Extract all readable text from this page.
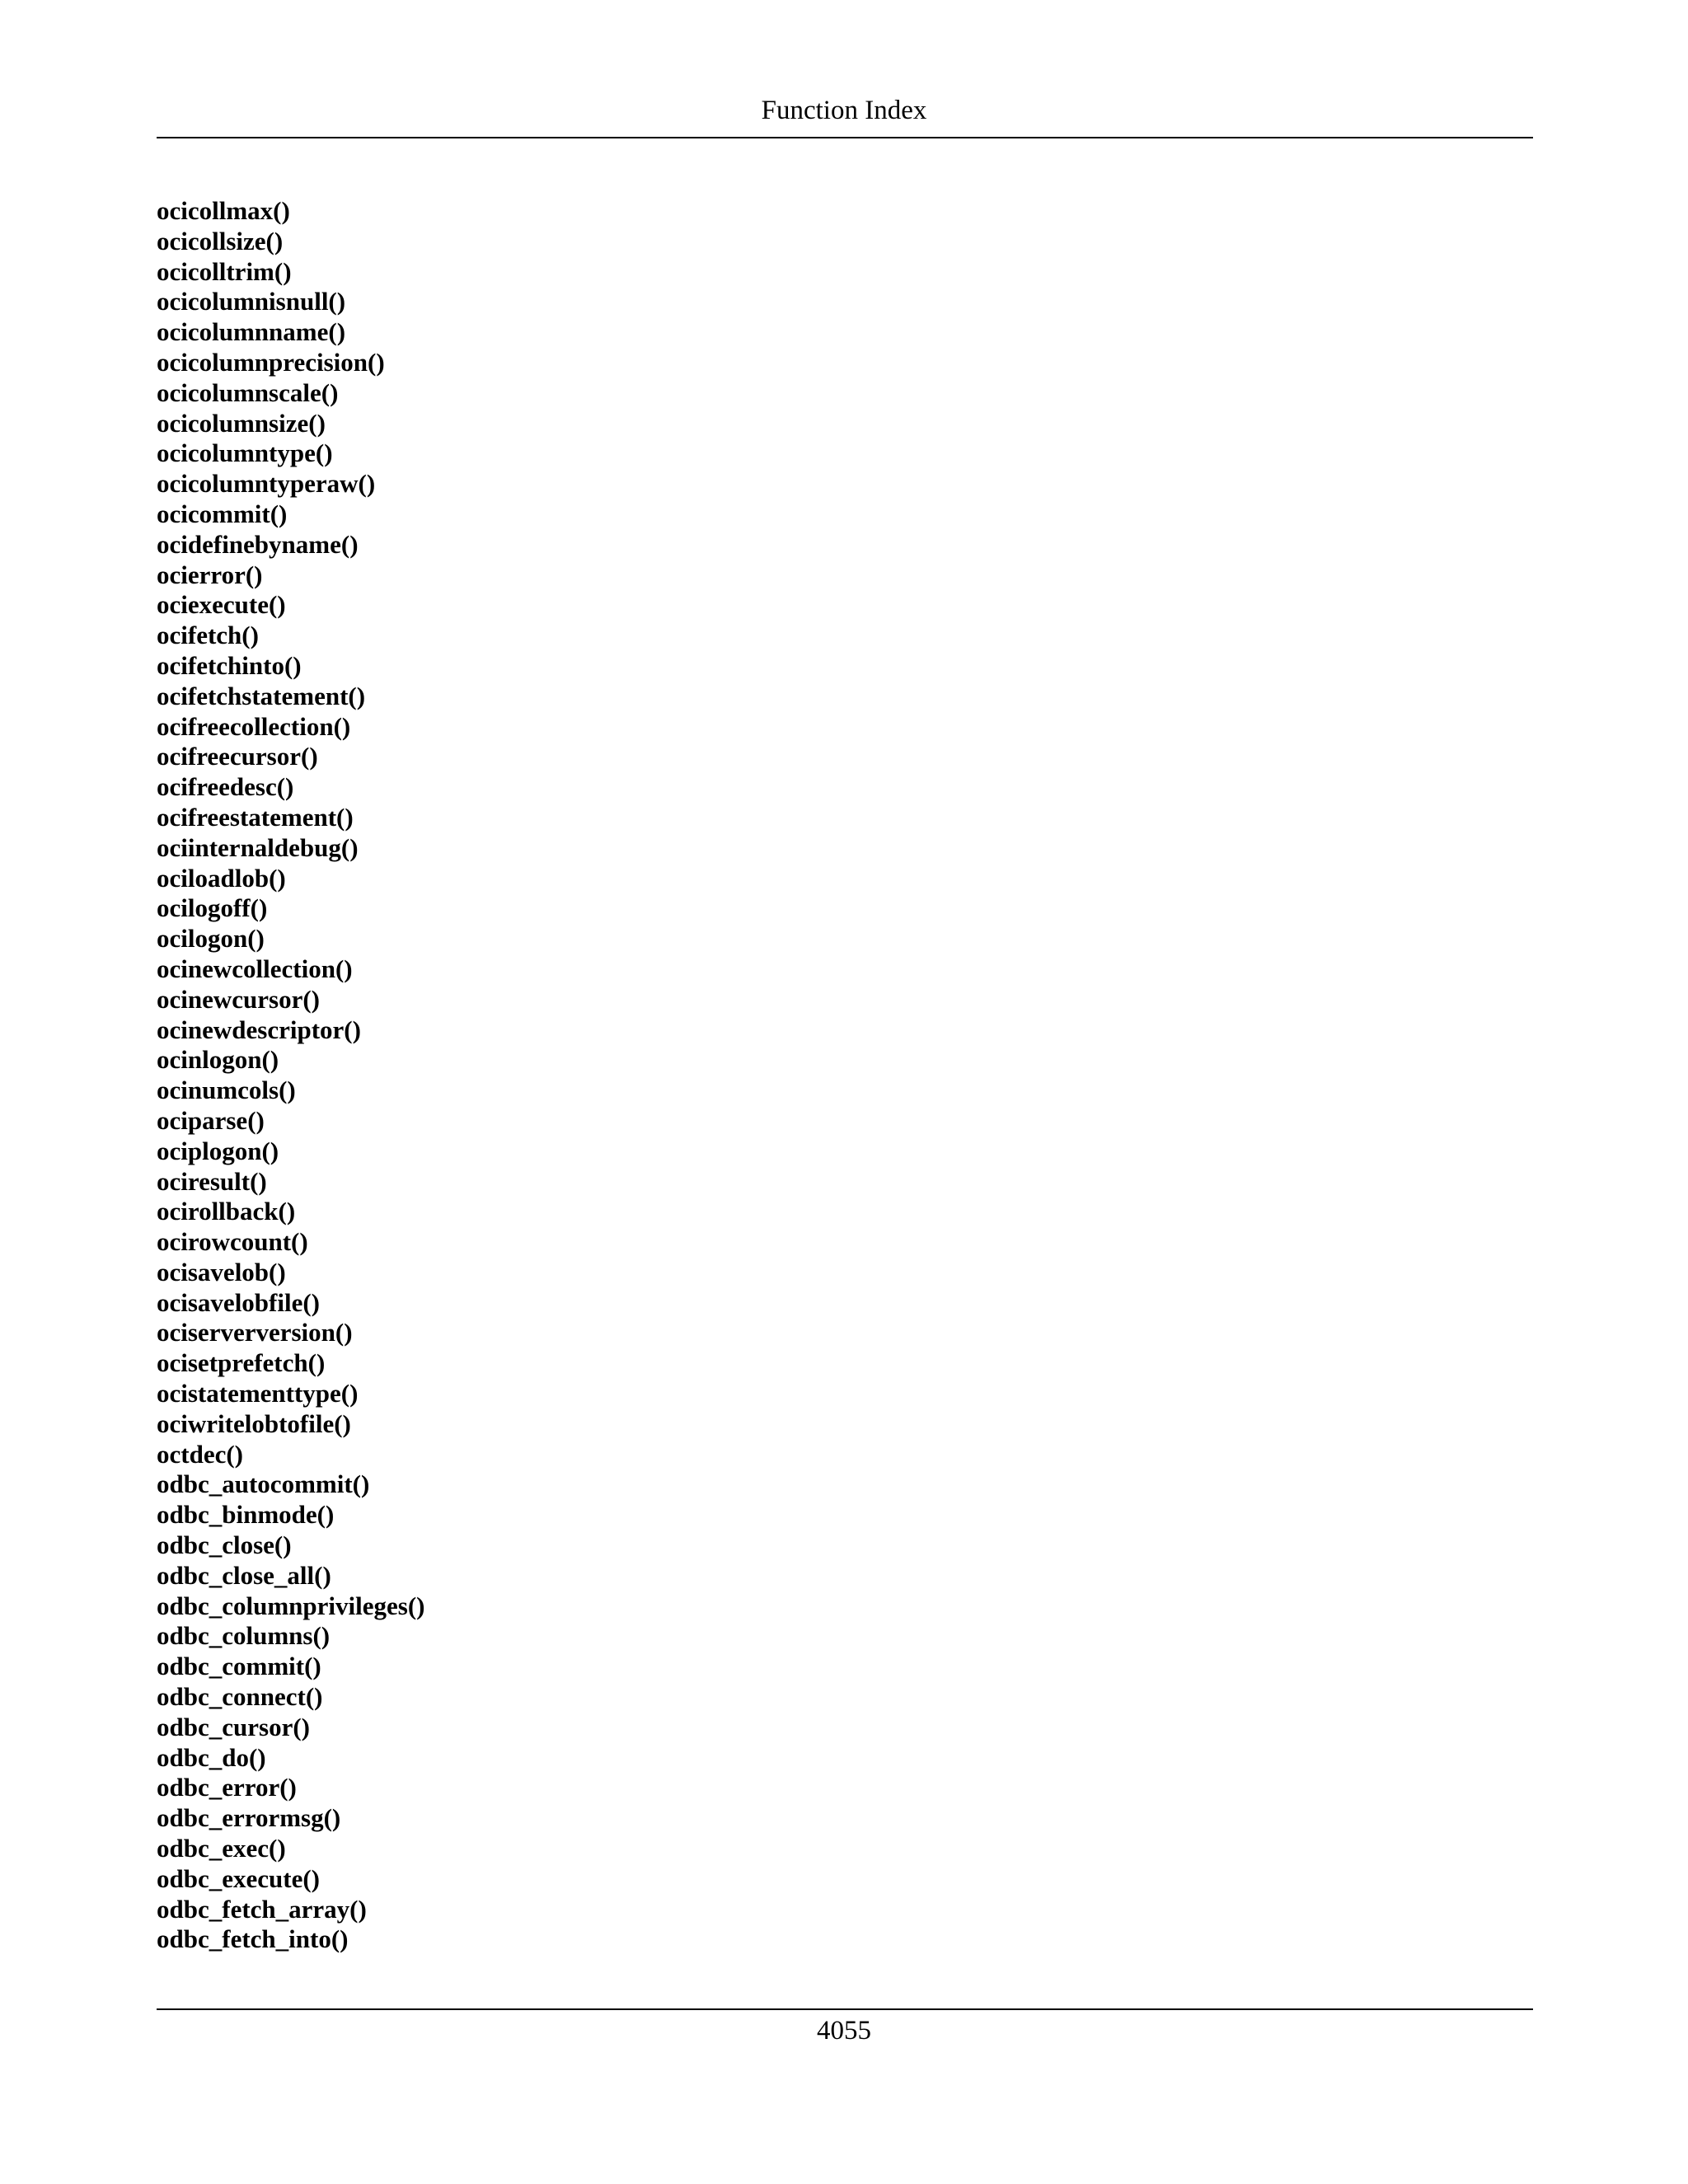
Function Index
ocicollmax()
ocicollsize()
ocicolltrim()
ocicolumnisnull()
ocicolumnname()
ocicolumnprecision()
ocicolumnscale()
ocicolumnsize()
ocicolumntype()
ocicolumntyperaw()
ocicommit()
ocidefinebyname()
ocierror()
ociexecute()
ocifetch()
ocifetchinto()
ocifetchstatement()
ocifreecollection()
ocifreecursor()
ocifreedesc()
ocifreestatement()
ociinternaldebug()
ociloadlob()
ocilogoff()
ocilogon()
ocinewcollection()
ocinewcursor()
ocinewdescriptor()
ocinlogon()
ocinumcols()
ociparse()
ociplogon()
ociresult()
ocirollback()
ocirowcount()
ocisavelob()
ocisavelobfile()
ociserverversion()
ocisetprefetch()
ocistatementtype()
ociwritelobtofile()
octdec()
odbc_autocommit()
odbc_binmode()
odbc_close()
odbc_close_all()
odbc_columnprivileges()
odbc_columns()
odbc_commit()
odbc_connect()
odbc_cursor()
odbc_do()
odbc_error()
odbc_errormsg()
odbc_exec()
odbc_execute()
odbc_fetch_array()
odbc_fetch_into()
4055
